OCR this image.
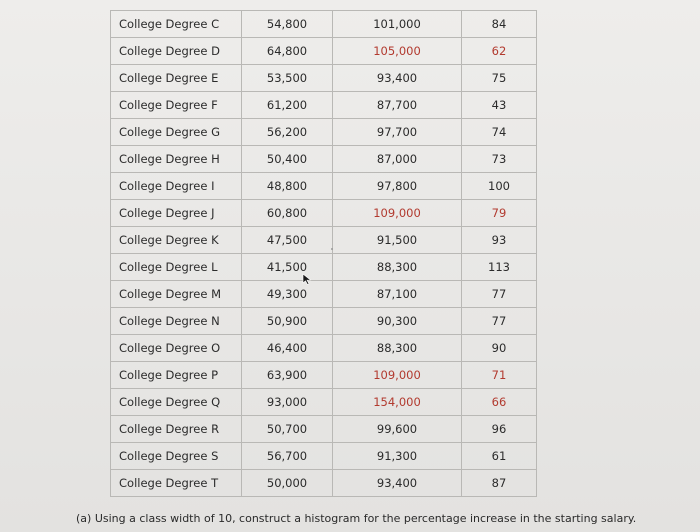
College Degree C	54,800	101,000	84
College Degree D	64,800	105,000	62
College Degree E	53,500	93,400	75
College Degree F	61,200	87,700	43
College Degree G	56,200	97,700	74
College Degree H	50,400	87,000	73
College Degree I	48,800	97,800	100
College Degree J	60,800	109,000	79
College Degree K	47,500	91,500	93
College Degree L	41,500	88,300	113
College Degree M	49,300	87,100	77
College Degree N	50,900	90,300	77
College Degree O	46,400	88,300	90
College Degree P	63,900	109,000	71
College Degree Q	93,000	154,000	66
College Degree R	50,700	99,600	96
College Degree S	56,700	91,300	61
College Degree T	50,000	93,400	87
(a) Using a class width of 10, construct a histogram for the percentage increase in the starting salary.
